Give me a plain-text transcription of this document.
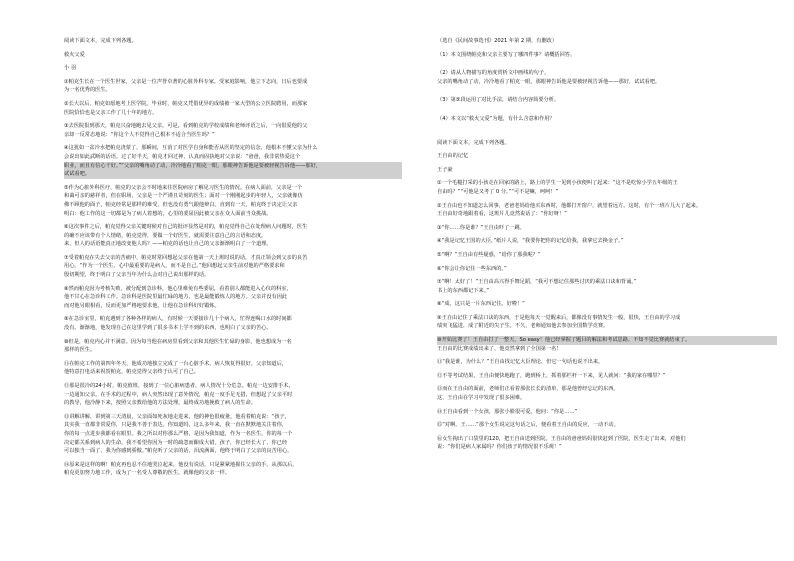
阅读下面文本，完成下列各题。
救火父爱
小 羽
①帕克生长在一个医生世家，父亲是一位声誉卓著的心脏外科专家。受家庭影响，他立下志向，日后也要成
为一名优秀的医生。
②长大以后，帕克如愿地考上医学院。毕业时，帕克又凭借优异的成绩被一家大型的公立医院聘用，而那家
医院恰恰也是父亲工作了几十年的地方。
③去医院报到那天，帕克兴奋地跑去见父亲。可是，看到帕克的学校成绩和老师评语之后，一向很爱他的父
亲却一反常态地说：“你这个人不觉得自己根本不适合当医生吗？”
④这犹如一盆冷水把帕克浇蒙了，那瞬间，互消了对医学自身和能否从医的坚定的信念，他根本不懂父亲为什么
会说出如此武断的话语。过了好半天，帕克才回过神，认真而固执地对父亲说：“爸爸，我非常热爱这个
职业，而且有信心干好。”“父亲的嘴角动了动，冷冷地看了帕克一眼，那眼神告诉他是要被轻视告诉他——那好，
试试看吧。
⑤作为心脏外科医疗，帕克的父亲会不时地来往医院病房了解见习医生的情况。在病人面前，父亲是一个
和蔼可亲的慈祥者，但在职场，父亲是一个严谨且苛刻的医生；面对一个刚刚起步的年轻人，父亲就像仿
佛不顾他的面子，帕克经常是那样的难受，但也没有勇气跟他辩白。直到有一天，帕克终于决定让父亲
明白：他工作的这一切都是为了病人着想的，心里的委屈因此被父亲在众人面前当众挑战。
⑥这次事件之后，帕克觉得父亲关键时候对自己的批评显然是对的，帕克觉得自己在处理病人问题时，医生
的确不应该带有个人情绪，帕克觉得，要做一个好医生，就需要注意自己的言语和态度。
来，但人的话语能真正地改变他人吗？——帕克的话也让自己的父亲渐渐明白了一个道理。
⑦受着帕克在失去父亲的苦痛中，帕克时常回想起父亲在他第一天上班时说的话，才真正领会到父亲的良苦
用心。“作为一个医生，心中最重要的是病人，而不是自己。”他回想起父亲生前对他的严格要求和
殷切期望，终于明白了父亲当年为什么会对自己说出那样的话。
⑧然而帕克因为考核失败，被分配到急诊科。他心里难免有些委屈，看着别人都能进入心仪的科室，
他不甘心在急诊科工作。急诊科是医院里最忙碌的地方，也是最能锻炼人的地方。父亲并没有因此
而对他另眼相看，反而更加严格地要求他，让他在急诊科好好锻炼。
⑨在急诊室里，帕克遇到了各种各样的病人，有时候一天要接诊几十个病人，忙得连喝口水的时间都
没有。渐渐地，他发现自己在这里学到了很多书本上学不到的东西，也明白了父亲的苦心。
⑩但是，帕克内心并不满意。因为每当他在病房里看到父亲和其他医生忙碌的身影，他也想成为一名
那样的医生。
⑪在帕克工作的第四年冬天，他成功地独立完成了一台心脏手术，病人恢复得很好。父亲知道后，
他特意打电话来祝贺帕克，帕克觉得父亲终于认可了自己。
⑫那是很冷的24小时，帕克值班，接到了一位心脏病患者，病人情况十分危急。帕克一边安排手术，
一边通知父亲。在手术的过程中，病人突然出现了意外情况，帕克一度手足无措，但想起了父亲平时
的教导，他冷静下来，按照父亲教给他的方法处理，最终成功地挽救了病人的生命。
⑬讲解讲解，讲到第三天清晨，父亲面如死灰地走进来，他的神色很疲惫。他看着帕克说：“孩子，
其实我一直都非常爱你，只是我不善于表达。你知道吗，这么多年来，我一直在默默地关注着你，
你的每一点进步我都看在眼里。我之所以对你那么严格，是因为我知道，作为一名医生，你的每一个
决定都关系到病人的生命。我不希望你因为一时的疏忽而酿成大错。孩子，你已经长大了，你已经
可以独当一面了，我为你感到骄傲。”帕克听了父亲的话，泪流满面，他终于明白了父亲的良苦用心。
⑭原来是这样的啊！帕克再也忍不住地哭泣起来，他没有说话，只是紧紧地握住父亲的手。从那以后，
帕克更加努力地工作，成为了一名受人尊敬的医生，就像他的父亲一样。
（选自《民间故事选刊》2021 年第 2 期，有删改）
（1）本文围绕帕克和父亲主要写了哪四件事？请概括回答。
（2）请从人物描写的角度赏析文中画线的句子。
父亲的嘴角动了动，冷冷地看了帕克一眼，那眼神告诉他是要被轻视告诉他——那好，试试看吧。
（3）第⑤段运用了对比手法，请结合内容简要分析。
（4）本文以“救火父爱”为题，有什么含意和作用？
阅读下面文本，完成下列各题。
王自由的记忆
王子豪
①一个毛糙打采的小孩走在回家的路上，路上的学生一见到小孩便叫了起来：“这不是吃惊小学五年级的王
自由吗？”“可他是又考了 0 分。”“可不是嘛，呵呵！”
②王自由也不知道怎么回事，老爸老妈给他买东西时，他都打开窗户，就望着远方。这时，有个一班片儿大了起来。
王自由好奇地跟着看，这班片儿竟然说话了：“你好呀！”
③“你……你是谁？”王自由吓了一跳。
④“我是记忆王国的大臣，”纸片人说，“我要你把你的记忆给我，我拿它去换金子。”
⑤“啊？”王自由有些疑惑，“给你了那我呢？”
⑥“你会让你记住一些东西的。”
⑦“啊！太好了！”王自由高兴得手舞足蹈，“我可不想记住那些讨厌的乘法口诀和背诵。”
书上的东西都记下来。”
⑧“成，这只是一片东西记住。好啦！”
⑨王自由记住了乘法口诀的东西，于是他每天一觉醒来后，都像没有事情发生一般，很快，王自由的学习成
绩突飞猛进，成了附近的尖子生。不久，老师通知他去参加全国数学竞赛。
⑩开始比赛了！王自由打了一整天，So easy！他已经掌握了题目的解法和考试思路。不知不觉比赛就结束了。
王自由的比赛成绩出来了，他竟然拿到了全国第一名！
⑪“我是谁，为什么？”王自由找记忆大臣理论，但它一句话也说不出来。
⑫不等考试结果，王自由便快地跑了，跑到桥上，抓着那栏杆一下来，见人就问：“我的家在哪里？”
⑬而在王自由的面前，老师们正看着那张长长的清单，那是他曾经忘记的东西。
这，王自由在学习中发现了很多困难。
⑭王自由看到一个女孩，那张小脸很可爱。他问：“你是……”
⑮“对啊，王……”那个女生说完这句话之后，便看着王自由的反应，一动不动。
⑯女生掏出了口袋里的120，把王自由送到医院。王自由的爸爸妈妈很快赶到了医院，医生走了出来，对他们
说：“你们是病人家属吗？你们孩子的情况很不乐观！”
